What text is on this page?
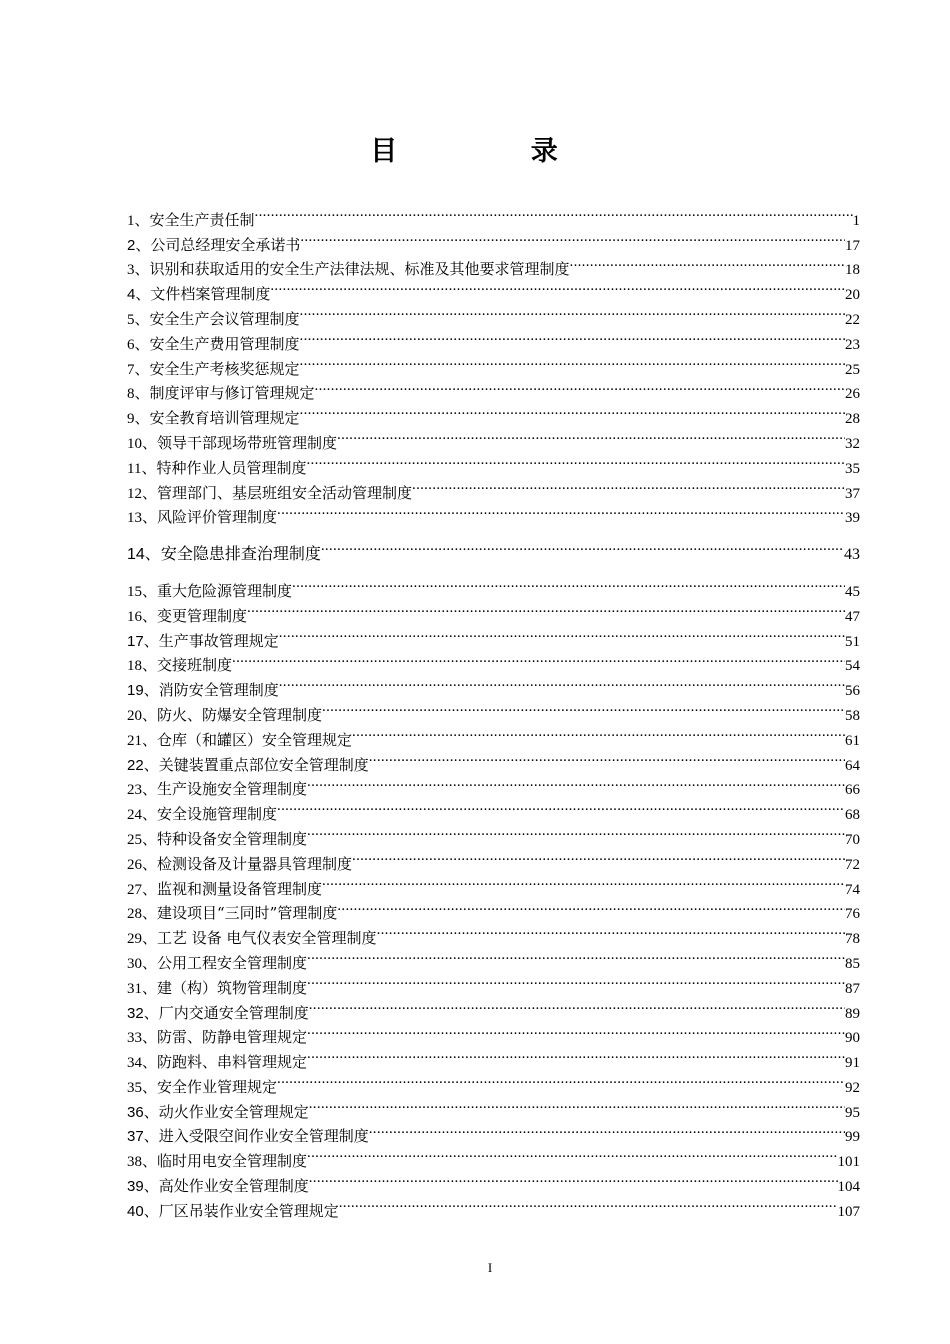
目 录
1 、 安全生产责任制 .....	1
2 、 公司总经理安全承诺书 .....	17
3 、 识别和获取适用的安全生产法律法规、标准及其他要求管理制度 .....	18
4 、 文件档案管理制度 .....	20
5 、 安全生产会议管理制度 .....	22
6 、 安全生产费用管理制度 .....	23
7 、 安全生产考核奖惩规定 .....	25
8 、 制度评审与修订管理规定 .....	26
9 、 安全教育培训管理规定 .....	28
10 、 领导干部现场带班管理制度 .....	32
11 、 特种作业人员管理制度 .....	35
12 、 管理部门、基层班组安全活动管理制度 .....	37
13 、 风险评价管理制度 .....	39
14 、 安全隐患排查治理制度 .....	43
15 、 重大危险源管理制度 .....	45
16 、 变更管理制度 .....	47
17 、 生产事故管理规定 .....	51
18 、 交接班制度 .....	54
19 、 消防安全管理制度 .....	56
20 、 防火、防爆安全管理制度 .....	58
21 、 仓库（和罐区）安全管理规定 .....	61
22 、 关键装置重点部位安全管理制度 .....	64
23 、 生产设施安全管理制度 .....	66
24 、 安全设施管理制度 .....	68
25 、 特种设备安全管理制度 .....	70
26 、 检测设备及计量器具管理制度 .....	72
27 、 监视和测量设备管理制度 .....	74
28 、 建设项目“三同时”管理制度 .....	76
29 、 工艺 设备 电气仪表安全管理制度 .....	78
30 、 公用工程安全管理制度 .....	85
31 、 建（构）筑物管理制度 .....	87
32 、 厂内交通安全管理制度 .....	89
33 、 防雷、防静电管理规定 .....	90
34 、 防跑料、串料管理规定 .....	91
35 、 安全作业管理规定 .....	92
36 、 动火作业安全管理规定 .....	95
37 、 进入受限空间作业安全管理制度 .....	99
38 、 临时用电安全管理制度 .....	101
39 、 高处作业安全管理制度 .....	104
40 、 厂区吊装作业安全管理规定 .....	107
I
